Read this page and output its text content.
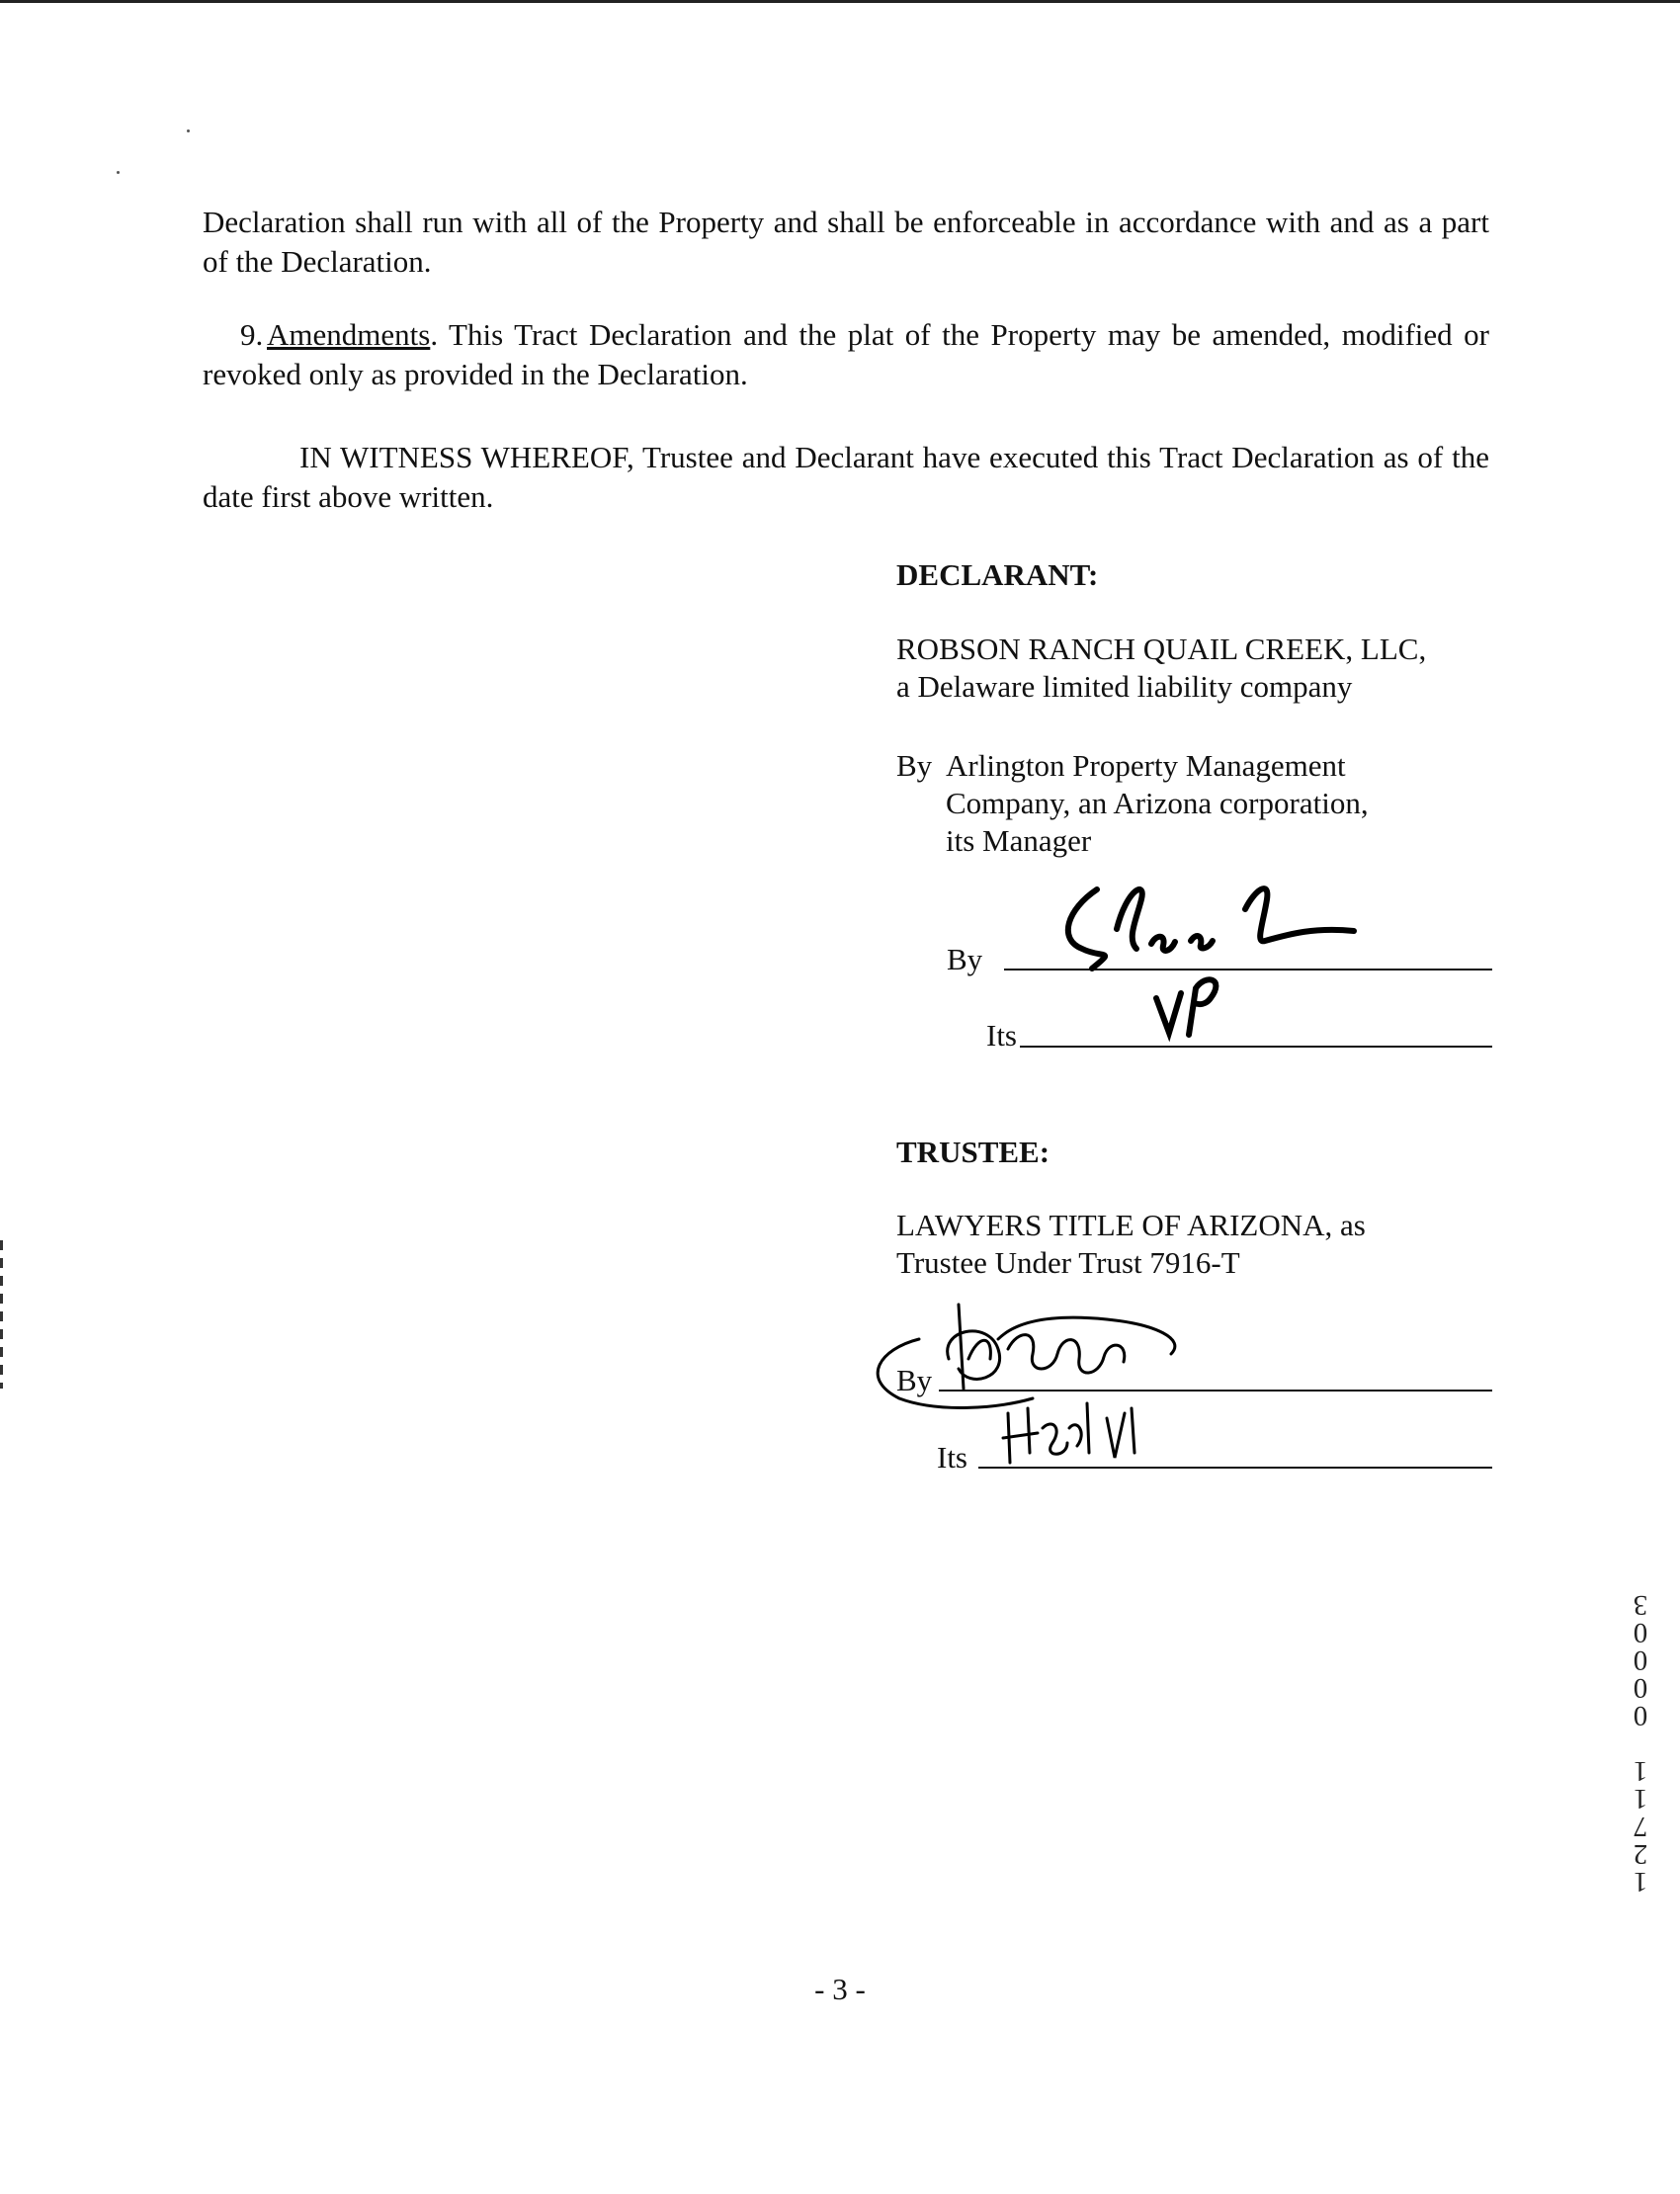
Declaration shall run with all of the Property and shall be enforceable in accordance with and as a part of the Declaration.

9. Amendments. This Tract Declaration and the plat of the Property may be amended, modified or revoked only as provided in the Declaration.

IN WITNESS WHEREOF, Trustee and Declarant have executed this Tract Declaration as of the date first above written.

DECLARANT:
ROBSON RANCH QUAIL CREEK, LLC,
a Delaware limited liability company
By Arlington Property Management
Company, an Arizona corporation,
its Manager
By
Its
TRUSTEE:
LAWYERS TITLE OF ARIZONA, as
Trustee Under Trust 7916-T
By
Its
1
2
7
1
1
0
0
0
0
3
- 3 -
